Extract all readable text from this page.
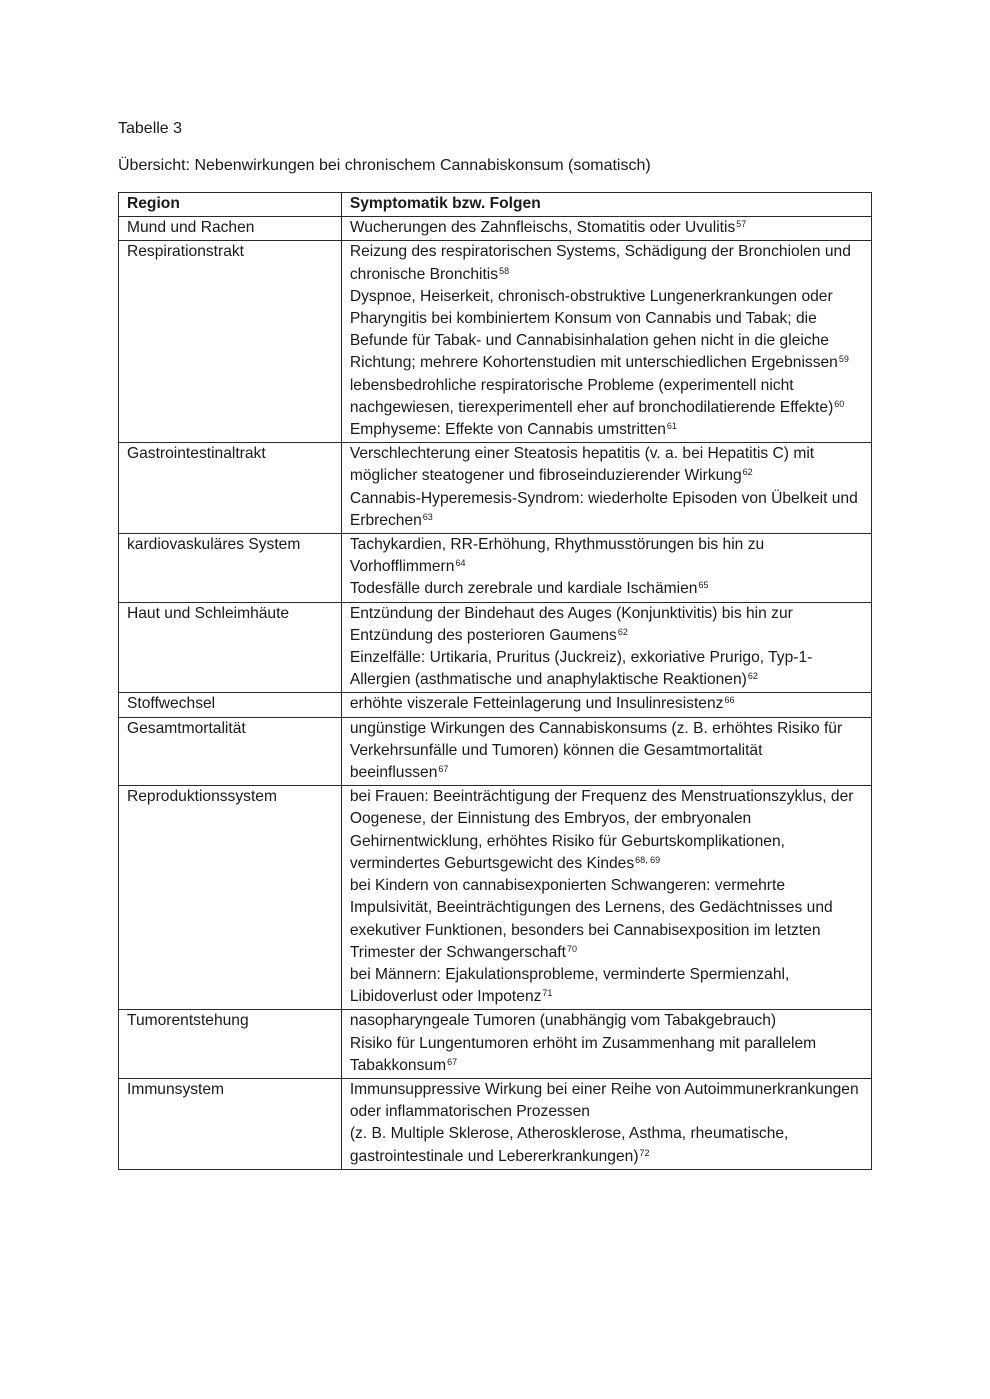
Tabelle 3

Übersicht: Nebenwirkungen bei chronischem Cannabiskonsum (somatisch)

Region	Symptomatik bzw. Folgen
Mund und Rachen	Wucherungen des Zahnfleischs, Stomatitis oder Uvulitis$^{57}$

Respirationstrakt	Reizung des respiratorischen Systems, Schädigung der Bronchiolen und chronische Bronchitis$^{58}$
Dyspnoe, Heiserkeit, chronisch-obstruktive Lungenerkrankungen oder Pharyngitis bei kombiniertem Konsum von Cannabis und Tabak; die Befunde für Tabak- und Cannabisinhalation gehen nicht in die gleiche Richtung; mehrere Kohortenstudien mit unterschiedlichen Ergebnissen$^{59}$
lebensbedrohliche respiratorische Probleme (experimentell nicht nachgewiesen, tierexperimentell eher auf bronchodilatierende Effekte)$^{60}$
Emphyseme: Effekte von Cannabis umstritten$^{61}$

Gastrointestinaltrakt	Verschlechterung einer Steatosis hepatitis (v. a. bei Hepatitis C) mit möglicher steatogener und fibroseinduzierender Wirkung$^{62}$
Cannabis-Hyperemesis-Syndrom: wiederholte Episoden von Übelkeit und Erbrechen$^{63}$

kardiovaskuläres System	Tachykardien, RR-Erhöhung, Rhythmusstörungen bis hin zu Vorhofflimmern$^{64}$
Todesfälle durch zerebrale und kardiale Ischämien$^{65}$

Haut und Schleimhäute	Entzündung der Bindehaut des Auges (Konjunktivitis) bis hin zur Entzündung des posterioren Gaumens$^{62}$
Einzelfälle: Urtikaria, Pruritus (Juckreiz), exkoriative Prurigo, Typ-1-Allergien (asthmatische und anaphylaktische Reaktionen)$^{62}$

Stoffwechsel	erhöhte viszerale Fetteinlagerung und Insulinresistenz$^{66}$

Gesamtmortalität	ungünstige Wirkungen des Cannabiskonsums (z. B. erhöhtes Risiko für Verkehrsunfälle und Tumoren) können die Gesamtmortalität beeinflussen$^{67}$

Reproduktionssystem	bei Frauen: Beeinträchtigung der Frequenz des Menstruationszyklus, der Oogenese, der Einnistung des Embryos, der embryonalen Gehirnentwicklung, erhöhtes Risiko für Geburtskomplikationen, vermindertes Geburtsgewicht des Kindes$^{68, 69}$
bei Kindern von cannabisexponierten Schwangeren: vermehrte Impulsivität, Beeinträchtigungen des Lernens, des Gedächtnisses und exekutiver Funktionen, besonders bei Cannabisexposition im letzten Trimester der Schwangerschaft$^{70}$
bei Männern: Ejakulationsprobleme, verminderte Spermienzahl, Libidoverlust oder Impotenz$^{71}$

Tumorentstehung	nasopharyngeale Tumoren (unabhängig vom Tabakgebrauch)
Risiko für Lungentumoren erhöht im Zusammenhang mit parallelem Tabakkonsum$^{67}$

Immunsystem	Immunsuppressive Wirkung bei einer Reihe von Autoimmunerkrankungen oder inflammatorischen Prozessen
(z. B. Multiple Sklerose, Atherosklerose, Asthma, rheumatische, gastrointestinale und Lebererkrankungen)$^{72}$
